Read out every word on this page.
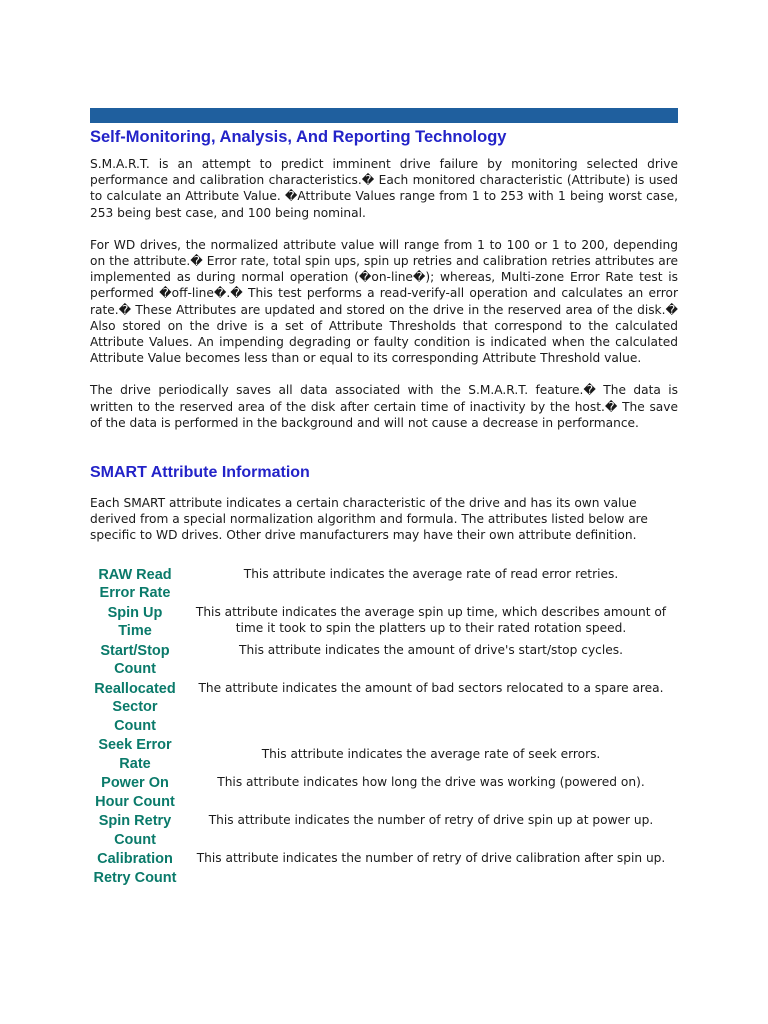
Self-Monitoring, Analysis, And Reporting Technology

S.M.A.R.T. is an attempt to predict imminent drive failure by monitoring selected drive performance and calibration characteristics.� Each monitored characteristic (Attribute) is used to calculate an Attribute Value. �Attribute Values range from 1 to 253 with 1 being worst case, 253 being best case, and 100 being nominal.

For WD drives, the normalized attribute value will range from 1 to 100 or 1 to 200, depending on the attribute.� Error rate, total spin ups, spin up retries and calibration retries attributes are implemented as during normal operation (�on-line�); whereas, Multi-zone Error Rate test is performed �off-line�.� This test performs a read-verify-all operation and calculates an error rate.� These Attributes are updated and stored on the drive in the reserved area of the disk.� Also stored on the drive is a set of Attribute Thresholds that correspond to the calculated Attribute Values. An impending degrading or faulty condition is indicated when the calculated Attribute Value becomes less than or equal to its corresponding Attribute Threshold value.

The drive periodically saves all data associated with the S.M.A.R.T. feature.� The data is written to the reserved area of the disk after certain time of inactivity by the host.� The save of the data is performed in the background and will not cause a decrease in performance.

SMART Attribute Information

Each SMART attribute indicates a certain characteristic of the drive and has its own value derived from a special normalization algorithm and formula. The attributes listed below are specific to WD drives. Other drive manufacturers may have their own attribute definition.

RAW Read Error Rate	This attribute indicates the average rate of read error retries.
Spin Up Time	This attribute indicates the average spin up time, which describes amount of time it took to spin the platters up to their rated rotation speed.
Start/Stop Count	This attribute indicates the amount of drive's start/stop cycles.
Reallocated Sector Count	The attribute indicates the amount of bad sectors relocated to a spare area.
Seek Error Rate	This attribute indicates the average rate of seek errors.
Power On Hour Count	This attribute indicates how long the drive was working (powered on).
Spin Retry Count	This attribute indicates the number of retry of drive spin up at power up.
Calibration Retry Count	This attribute indicates the number of retry of drive calibration after spin up.
